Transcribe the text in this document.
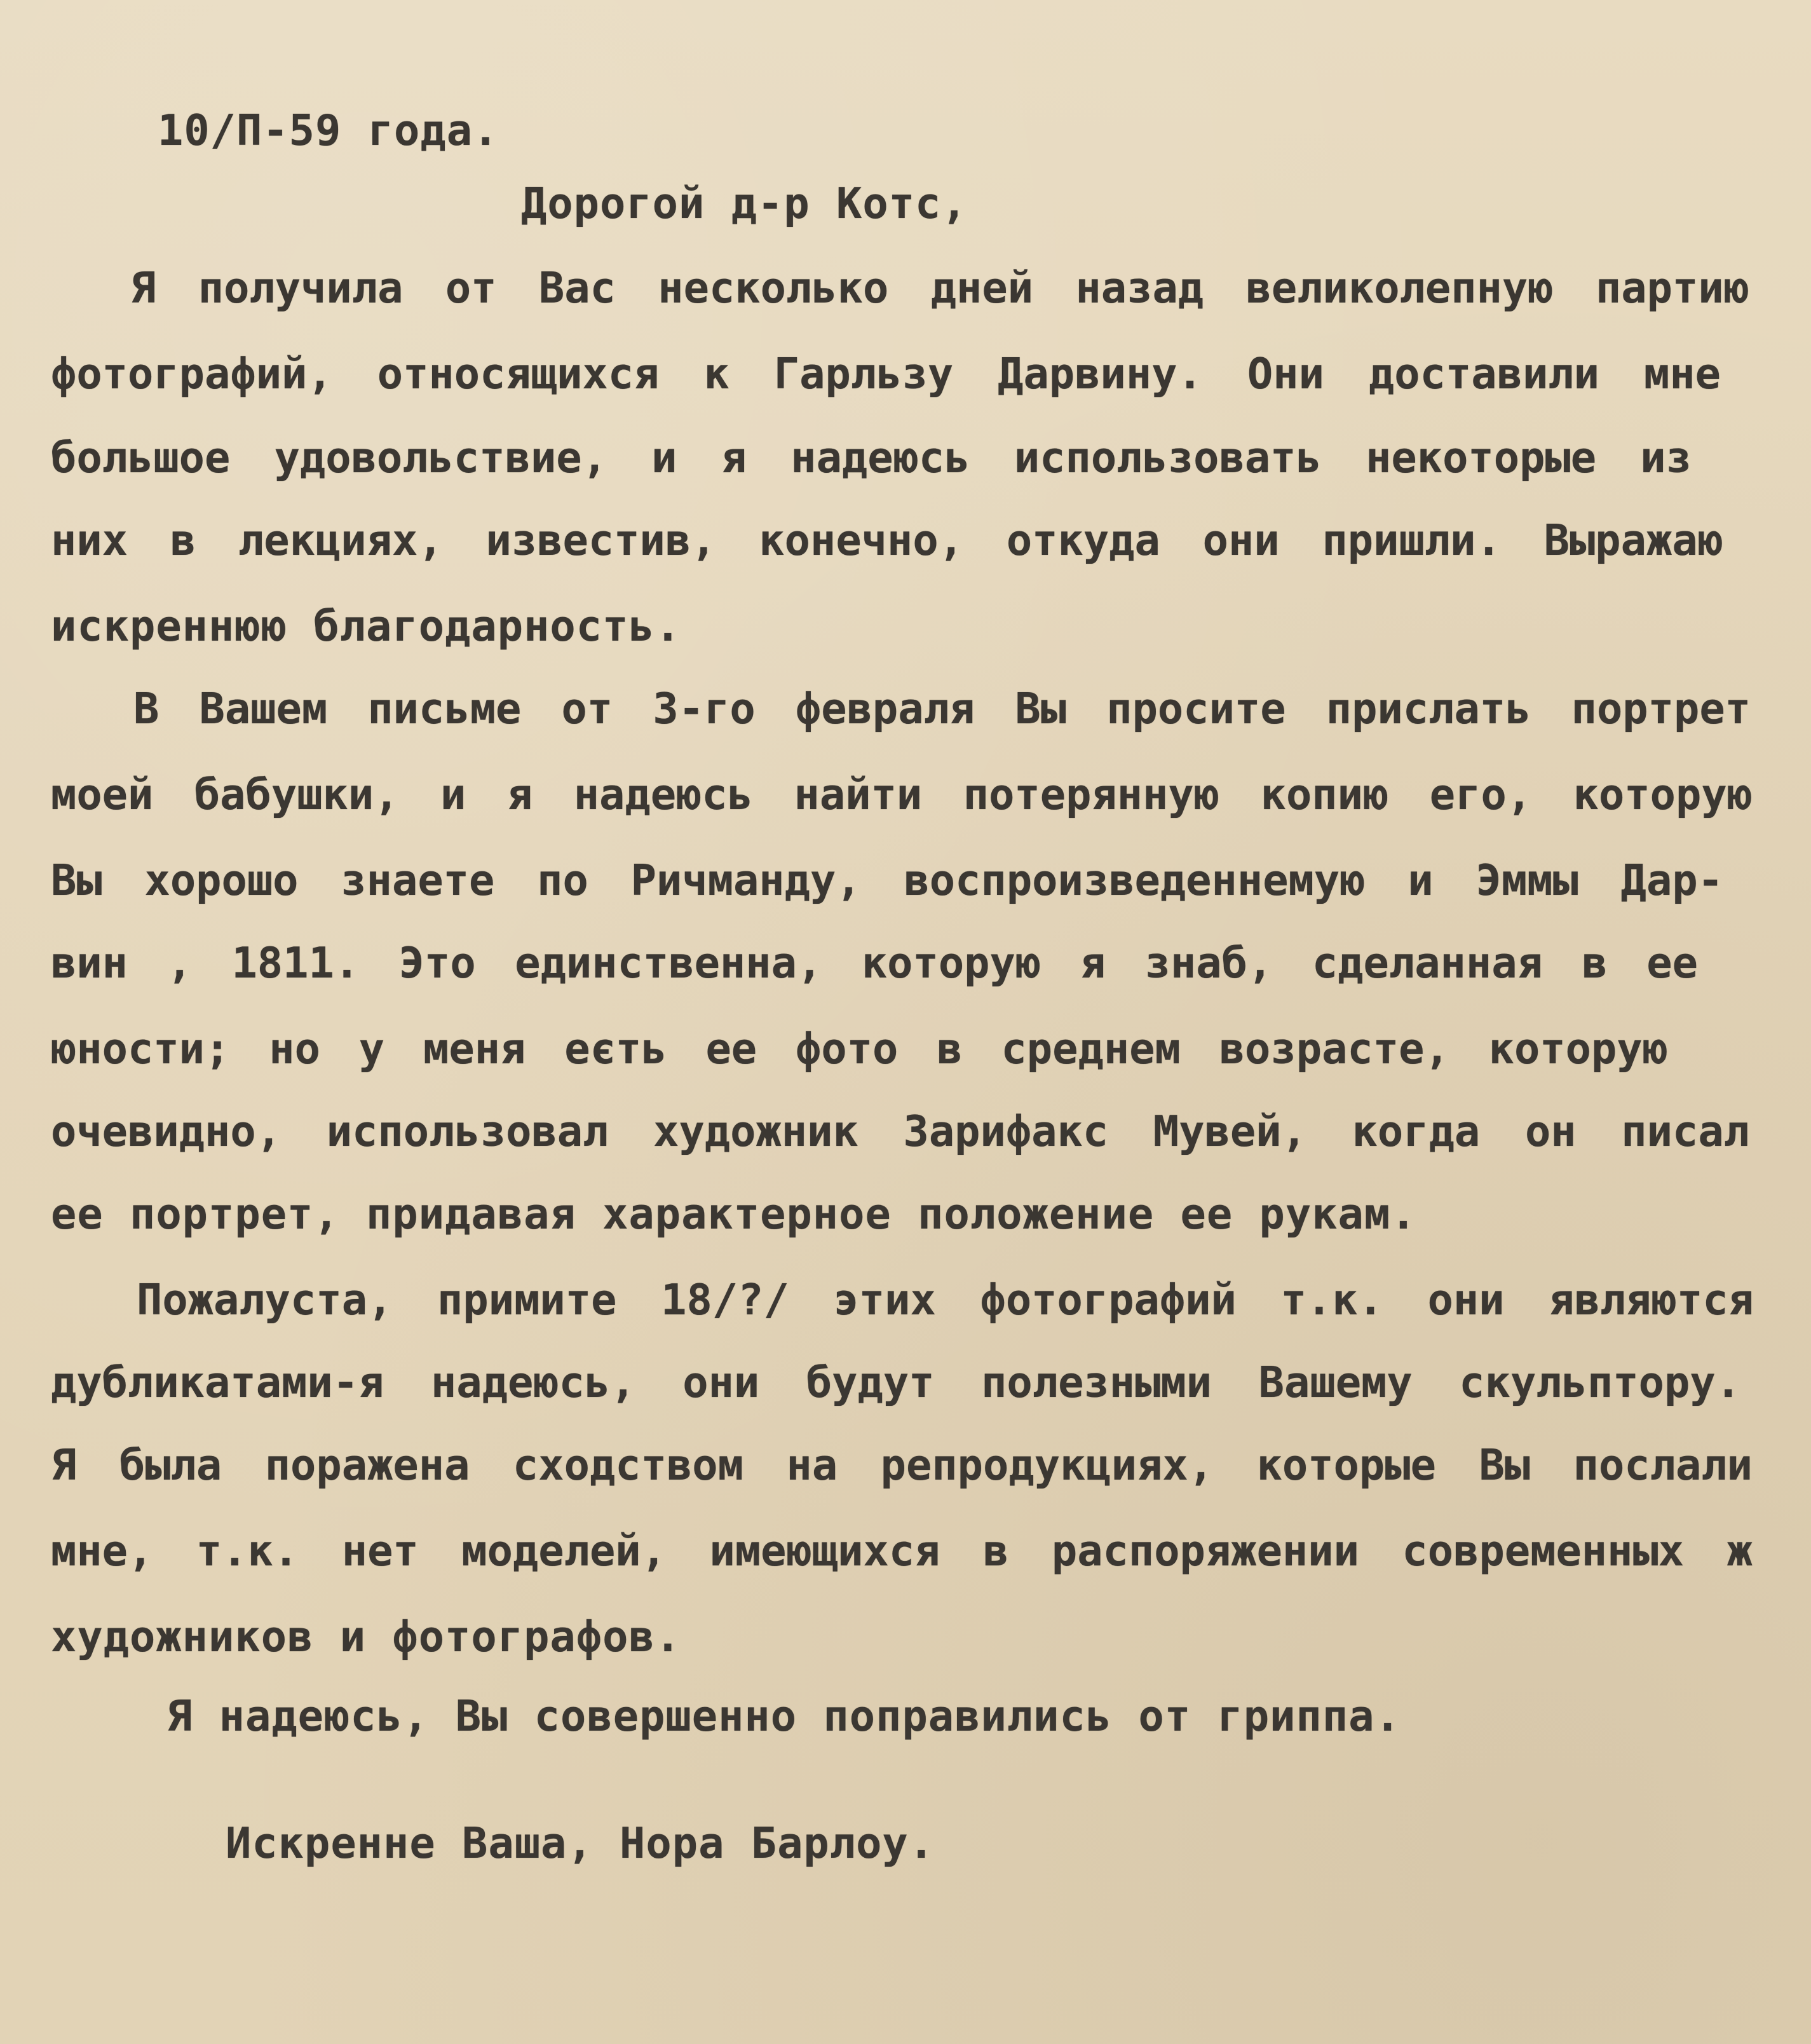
10/П-59 года.
Дорогой д-р Котс,
Я получила от Вас несколько дней назад великолепную партию
фотографий, относящихся к Гарльзу Дарвину. Они доставили мне
большое удовольствие, и я надеюсь использовать некоторые из
них в лекциях, известив, конечно, откуда они пришли. Выражаю
искреннюю благодарность.
В Вашем письме от 3-го февраля Вы просите прислать портрет
моей бабушки, и я надеюсь найти потерянную копию его, которую
Вы хорошо знаете по Ричманду, воспроизведеннемую и Эммы Дар-
вин , 1811. Это единственна, которую я знаб, сделанная в ее
юности; но у меня еєть ее фото в среднем возрасте, которую
очевидно, использовал художник Зарифакс Мувей, когда он писал
ее портрет, придавая характерное положение ее рукам.
Пожалуста, примите 18/?/ этих фотографий т.к. они являются
дубликатами-я надеюсь, они будут полезными Вашему скульптору.
Я была поражена сходством на репродукциях, которые Вы послали
мне, т.к. нет моделей, имеющихся в распоряжении современных ж
художников и фотографов.
Я надеюсь, Вы совершенно поправились от гриппа.
Искренне Ваша, Нора Барлоу.
